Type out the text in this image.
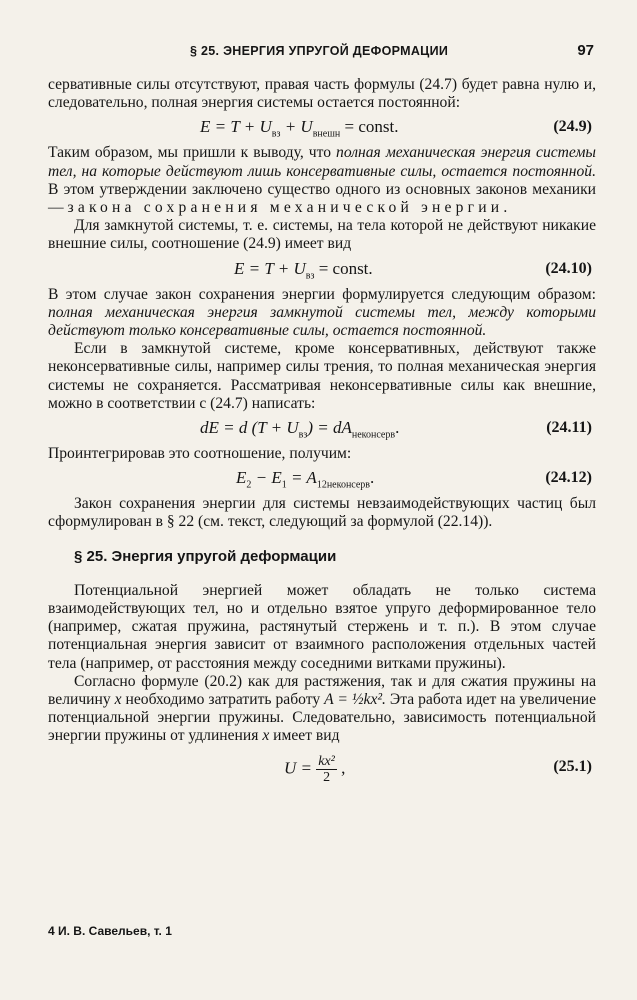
§ 25. ЭНЕРГИЯ УПРУГОЙ ДЕФОРМАЦИИ	97

сервативные силы отсутствуют, правая часть формулы (24.7) будет равна нулю и, следовательно, полная энергия системы остается постоянной:

$E = T + U_{вз} + U_{внешн}$ = const.	(24.9)

Таким образом, мы пришли к выводу, что полная механическая энергия системы тел, на которые действуют лишь консервативные силы, остается постоянной. В этом утверждении заключено существо одного из основных законов механики — закона сохранения механической энергии.

Для замкнутой системы, т. е. системы, на тела которой не действуют никакие внешние силы, соотношение (24.9) имеет вид

$E = T + U_{вз}$ = const.	(24.10)

В этом случае закон сохранения энергии формулируется следующим образом: полная механическая энергия замкнутой системы тел, между которыми действуют только консервативные силы, остается постоянной.

Если в замкнутой системе, кроме консервативных, действуют также неконсервативные силы, например силы трения, то полная механическая энергия системы не сохраняется. Рассматривая неконсервативные силы как внешние, можно в соответствии с (24.7) написать:

dE = d $(T + U_{вз}) = dA_{неконсерв}$.	(24.11)

Проинтегрировав это соотношение, получим:

$E_2 - E_1 = A_{12неконсерв}$.	(24.12)

Закон сохранения энергии для системы невзаимодействующих частиц был сформулирован в § 22 (см. текст, следующий за формулой (22.14)).

§ 25. Энергия упругой деформации

Потенциальной энергией может обладать не только система взаимодействующих тел, но и отдельно взятое упруго деформированное тело (например, сжатая пружина, растянутый стержень и т. п.). В этом случае потенциальная энергия зависит от взаимного расположения отдельных частей тела (например, от расстояния между соседними витками пружины).

Согласно формуле (20.2) как для растяжения, так и для сжатия пружины на величину x необходимо затратить работу A = ½kx². Эта работа идет на увеличение потенциальной энергии пружины. Следовательно, зависимость потенциальной энергии пружины от удлинения x имеет вид

$U = \frac{\text{kx²}}{2}$ ,	(25.1)
4 И. В. Савельев, т. 1
